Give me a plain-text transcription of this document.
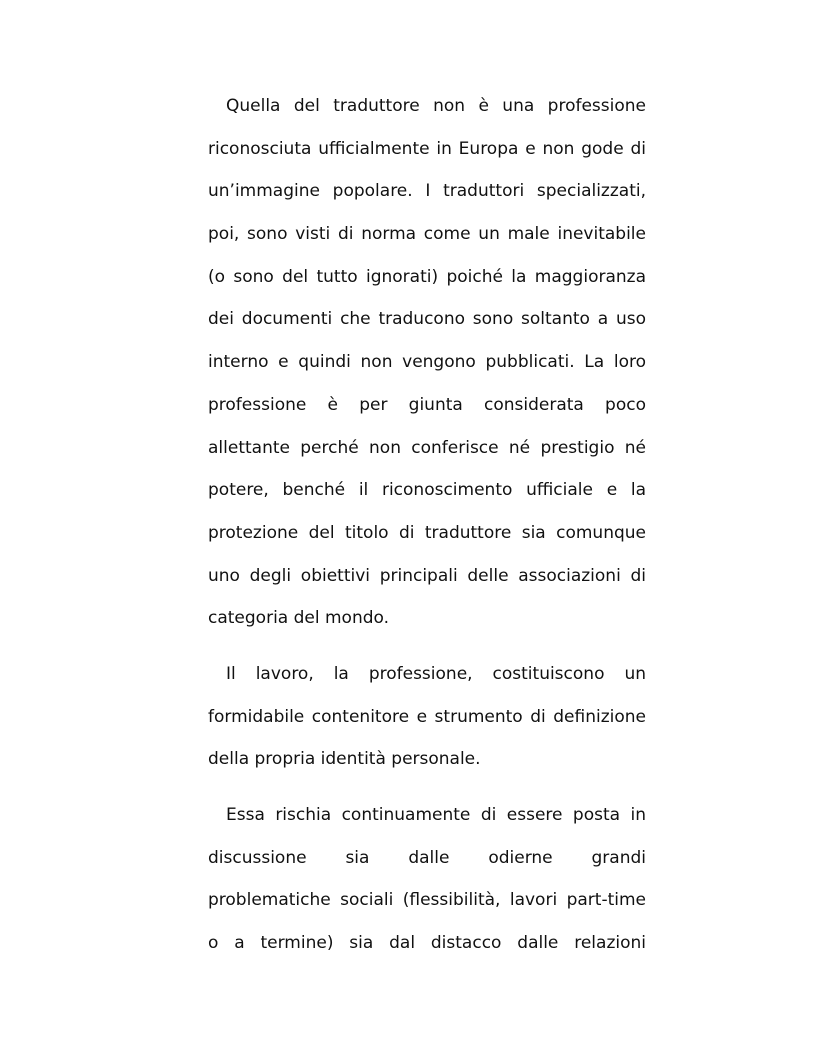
Quella del traduttore non è una professione
riconosciuta ufficialmente in Europa e non gode di
un’immagine popolare. I traduttori specializzati,
poi, sono visti di norma come un male inevitabile
(o sono del tutto ignorati) poiché la maggioranza
dei documenti che traducono sono soltanto a uso
interno e quindi non vengono pubblicati. La loro
professione è per giunta considerata poco
allettante perché non conferisce né prestigio né
potere, benché il riconoscimento ufficiale e la
protezione del titolo di traduttore sia comunque
uno degli obiettivi principali delle associazioni di
categoria del mondo.
Il lavoro, la professione, costituiscono un
formidabile contenitore e strumento di definizione
della propria identità personale.
Essa rischia continuamente di essere posta in
discussione sia dalle odierne grandi
problematiche sociali (flessibilità, lavori part-time
o a termine) sia dal distacco dalle relazioni
